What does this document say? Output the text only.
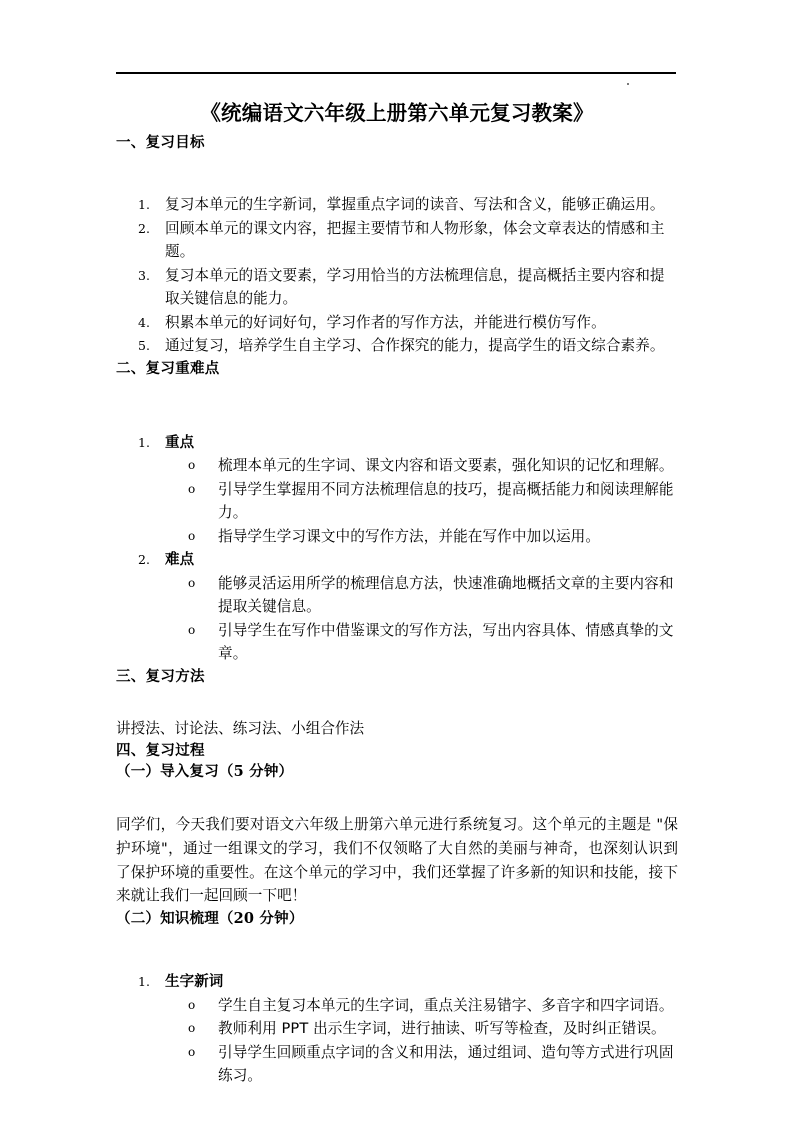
《统编语文六年级上册第六单元复习教案》
一、复习目标
1. 复习本单元的生字新词，掌握重点字词的读音、写法和含义，能够正确运用。
2. 回顾本单元的课文内容，把握主要情节和人物形象，体会文章表达的情感和主题。
3. 复习本单元的语文要素，学习用恰当的方法梳理信息，提高概括主要内容和提取关键信息的能力。
4. 积累本单元的好词好句，学习作者的写作方法，并能进行模仿写作。
5. 通过复习，培养学生自主学习、合作探究的能力，提高学生的语文综合素养。
二、复习重难点
1. 重点
o 梳理本单元的生字词、课文内容和语文要素，强化知识的记忆和理解。
o 引导学生掌握用不同方法梳理信息的技巧，提高概括能力和阅读理解能力。
o 指导学生学习课文中的写作方法，并能在写作中加以运用。
2. 难点
o 能够灵活运用所学的梳理信息方法，快速准确地概括文章的主要内容和提取关键信息。
o 引导学生在写作中借鉴课文的写作方法，写出内容具体、情感真挚的文章。
三、复习方法

讲授法、讨论法、练习法、小组合作法

四、复习过程

（一）导入复习（5 分钟）

同学们，今天我们要对语文六年级上册第六单元进行系统复习。这个单元的主题是 "保护环境"，通过一组课文的学习，我们不仅领略了大自然的美丽与神奇，也深刻认识到了保护环境的重要性。在这个单元的学习中，我们还掌握了许多新的知识和技能，接下来就让我们一起回顾一下吧！

（二）知识梳理（20 分钟）

1. 生字新词
o 学生自主复习本单元的生字词，重点关注易错字、多音字和四字词语。
o 教师利用 PPT 出示生字词，进行抽读、听写等检查，及时纠正错误。
o 引导学生回顾重点字词的含义和用法，通过组词、造句等方式进行巩固练习。
